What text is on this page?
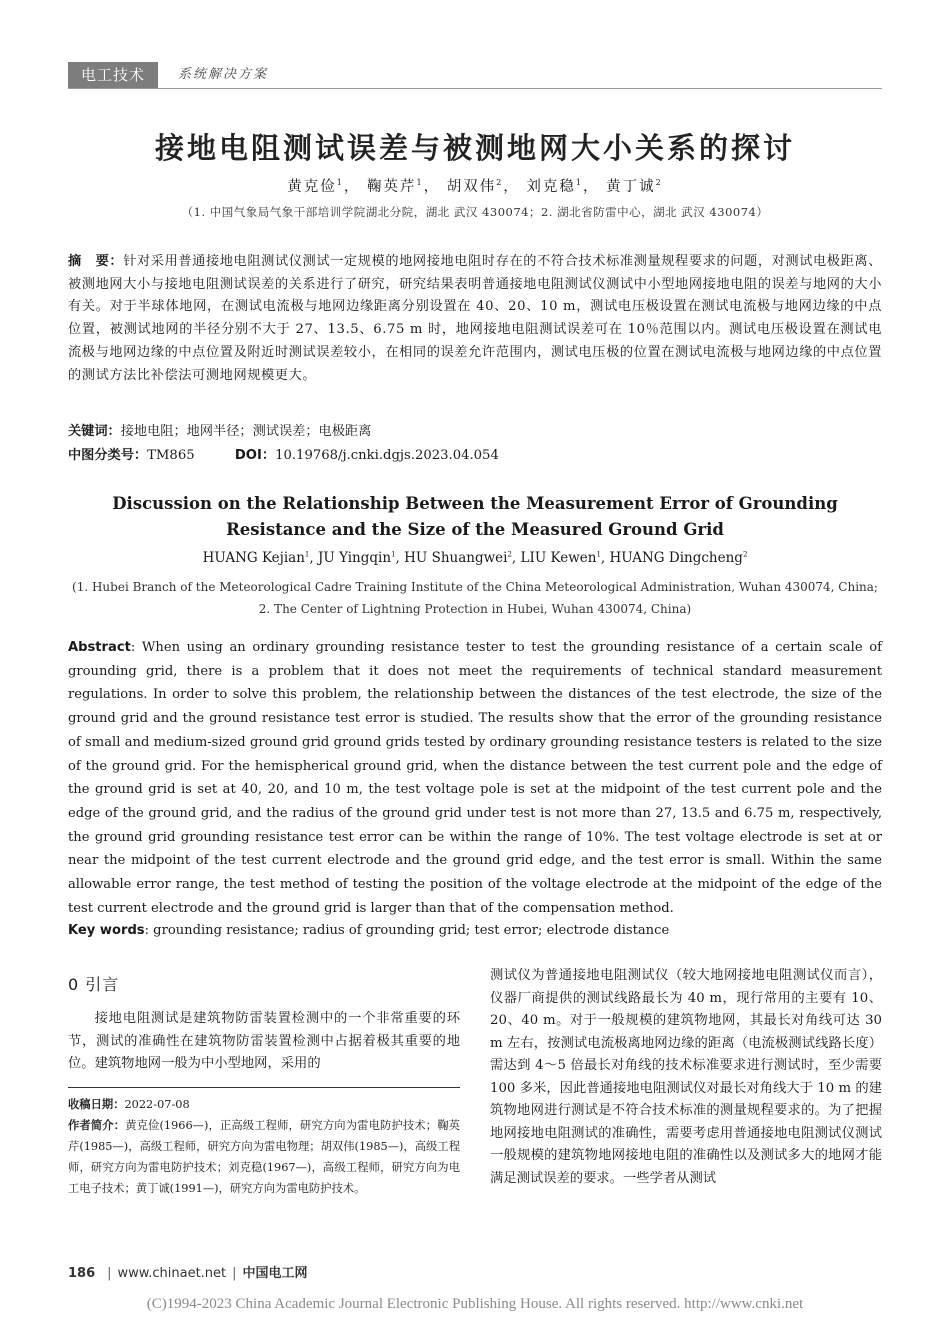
电工技术	系统解决方案
接地电阻测试误差与被测地网大小关系的探讨
黄克俭$^1$， 鞠英芹$^1$， 胡双伟$^2$， 刘克稳$^1$， 黄丁诚$^2$
（1. 中国气象局气象干部培训学院湖北分院，湖北 武汉 430074；2. 湖北省防雷中心，湖北 武汉 430074）
摘　要：针对采用普通接地电阻测试仪测试一定规模的地网接地电阻时存在的不符合技术标准测量规程要求的问题，对测试电极距离、被测地网大小与接地电阻测试误差的关系进行了研究，研究结果表明普通接地电阻测试仪测试中小型地网接地电阻的误差与地网的大小有关。对于半球体地网，在测试电流极与地网边缘距离分别设置在 40、20、10 m，测试电压极设置在测试电流极与地网边缘的中点位置，被测试地网的半径分别不大于 27、13.5、6.75 m 时，地网接地电阻测试误差可在 10％范围以内。测试电压极设置在测试电流极与地网边缘的中点位置及附近时测试误差较小，在相同的误差允许范围内，测试电压极的位置在测试电流极与地网边缘的中点位置的测试方法比补偿法可测地网规模更大。
关键词：接地电阻；地网半径；测试误差；电极距离
中图分类号：TM865	DOI：10.19768/j.cnki.dgjs.2023.04.054
Discussion on the Relationship Between the Measurement Error of Grounding Resistance and the Size of the Measured Ground Grid
HUANG Kejian$^1$, JU Yingqin$^1$, HU Shuangwei$^2$, LIU Kewen$^1$, HUANG Dingcheng$^2$
(1. Hubei Branch of the Meteorological Cadre Training Institute of the China Meteorological Administration, Wuhan 430074, China;
2. The Center of Lightning Protection in Hubei, Wuhan 430074, China)
Abstract: When using an ordinary grounding resistance tester to test the grounding resistance of a certain scale of grounding grid, there is a problem that it does not meet the requirements of technical standard measurement regulations. In order to solve this problem, the relationship between the distances of the test electrode, the size of the ground grid and the ground resistance test error is studied. The results show that the error of the grounding resistance of small and medium-sized ground grid ground grids tested by ordinary grounding resistance testers is related to the size of the ground grid. For the hemispherical ground grid, when the distance between the test current pole and the edge of the ground grid is set at 40, 20, and 10 m, the test voltage pole is set at the midpoint of the test current pole and the edge of the ground grid, and the radius of the ground grid under test is not more than 27, 13.5 and 6.75 m, respectively, the ground grid grounding resistance test error can be within the range of 10%. The test voltage electrode is set at or near the midpoint of the test current electrode and the ground grid edge, and the test error is small. Within the same allowable error range, the test method of testing the position of the voltage electrode at the midpoint of the edge of the test current electrode and the ground grid is larger than that of the compensation method.
Key words: grounding resistance; radius of grounding grid; test error; electrode distance
0 引言
接地电阻测试是建筑物防雷装置检测中的一个非常重要的环节，测试的准确性在建筑物防雷装置检测中占据着极其重要的地位。建筑物地网一般为中小型地网，采用的
收稿日期：2022-07-08
作者简介：黄克俭(1966—)，正高级工程师，研究方向为雷电防护技术；鞠英芹(1985—)，高级工程师，研究方向为雷电物理；胡双伟(1985—)，高级工程师，研究方向为雷电防护技术；刘克稳(1967—)，高级工程师，研究方向为电工电子技术；黄丁诚(1991—)，研究方向为雷电防护技术。
测试仪为普通接地电阻测试仪（较大地网接地电阻测试仪而言），仪器厂商提供的测试线路最长为 40 m，现行常用的主要有 10、20、40 m。对于一般规模的建筑物地网，其最长对角线可达 30 m 左右，按测试电流极离地网边缘的距离（电流极测试线路长度）需达到 4～5 倍最长对角线的技术标准要求进行测试时，至少需要 100 多米，因此普通接地电阻测试仪对最长对角线大于 10 m 的建筑物地网进行测试是不符合技术标准的测量规程要求的。为了把握地网接地电阻测试的准确性，需要考虑用普通接地电阻测试仪测试一般规模的建筑物地网接地电阻的准确性以及测试多大的地网才能满足测试误差的要求。一些学者从测试
186 | www.chinaet.net | 中国电工网
(C)1994-2023 China Academic Journal Electronic Publishing House. All rights reserved. http://www.cnki.net
